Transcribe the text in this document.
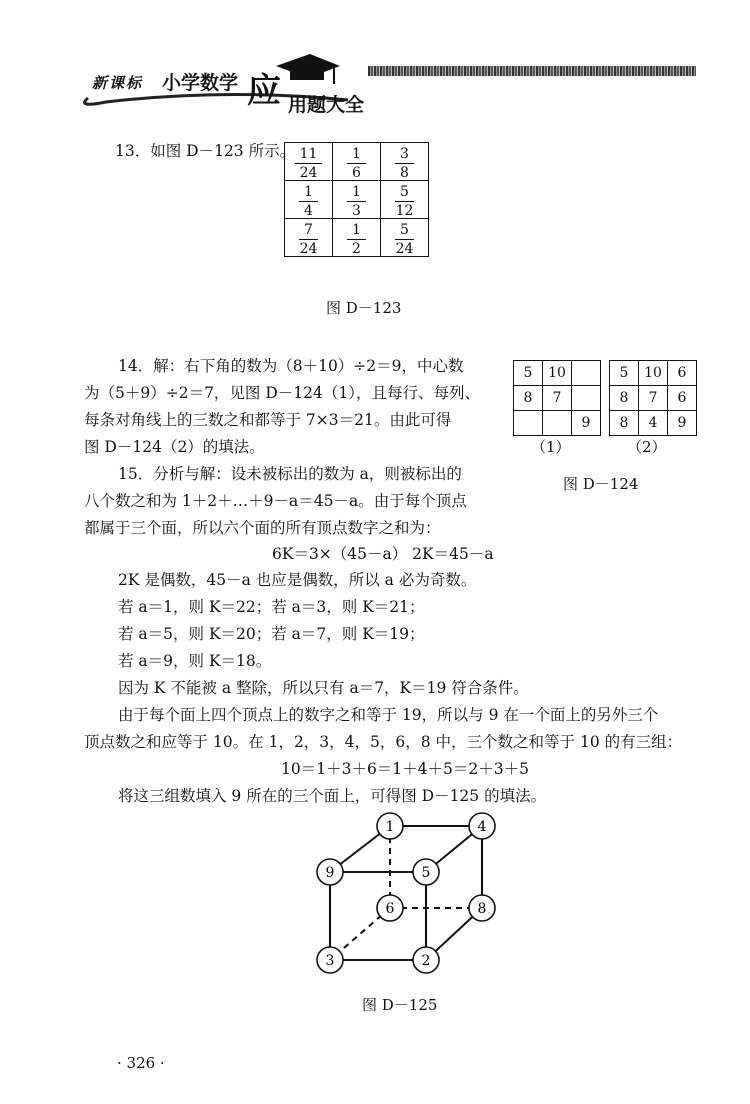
新课标 小学数学 应 用题大全
13．如图 D－123 所示。 $\frac{11}{24}$	$\frac{1}{6}$	$\frac{3}{8}$

$\frac{1}{4}$	$\frac{1}{3}$	$\frac{5}{12}$

$\frac{7}{24}$	$\frac{1}{2}$	$\frac{5}{24}$
图 D－123
14．解：右下角的数为（8＋10）÷2＝9，中心数
为（5＋9）÷2＝7，见图 D－124（1），且每行、每列、
每条对角线上的三数之和都等于 7×3＝21。由此可得
图 D－124（2）的填法。
5	10	
8	7	
		9
5	10	6
8	7	6
8	4	9
（1）	（2）
图 D－124
15．分析与解：设未被标出的数为 a，则被标出的
八个数之和为 1＋2＋…＋9－a＝45－a。由于每个顶点
都属于三个面，所以六个面的所有顶点数字之和为：
6K＝3×（45－a） 2K＝45－a
2K 是偶数，45－a 也应是偶数，所以 a 必为奇数。
若 a＝1，则 K＝22；若 a＝3，则 K＝21；
若 a＝5，则 K＝20；若 a＝7，则 K＝19；
若 a＝9，则 K＝18。
因为 K 不能被 a 整除，所以只有 a＝7，K＝19 符合条件。
由于每个面上四个顶点上的数字之和等于 19，所以与 9 在一个面上的另外三个
顶点数之和应等于 10。在 1，2，3，4，5，6，8 中，三个数之和等于 10 的有三组：
10＝1＋3＋6＝1＋4＋5＝2＋3＋5
将这三组数填入 9 所在的三个面上，可得图 D－125 的填法。
1	4
9	5
6	8
3	2
图 D－125
· 326 ·
